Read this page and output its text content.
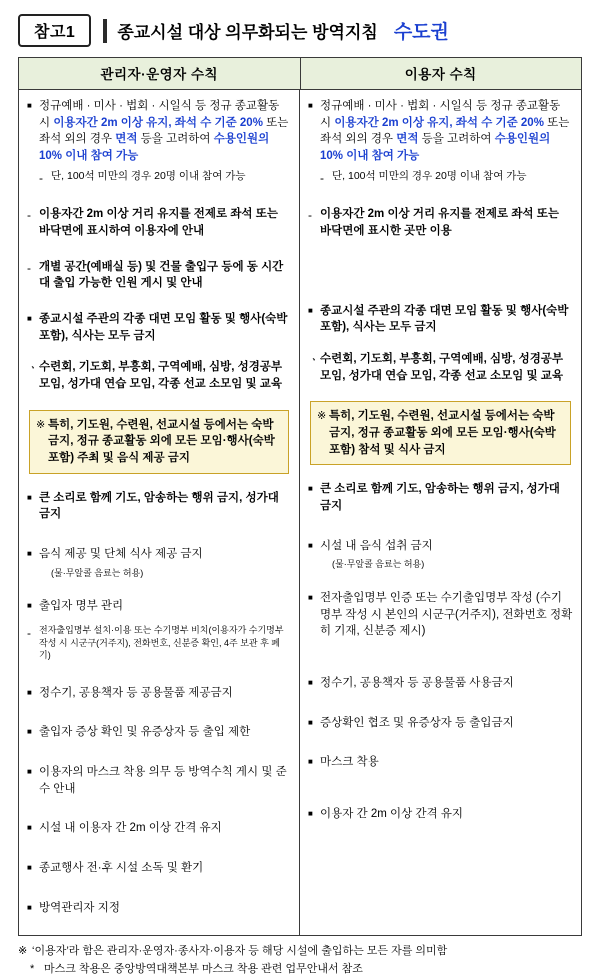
참고1	종교시설 대상 의무화되는 방역지침 수도권
관리자·운영자 수칙	이용자 수칙
■
정규예배 · 미사 · 법회 · 시일식 등 정규 종교활동 시 이용자간 2m 이상 유지, 좌석 수 기준 20% 또는 좌석 외의 경우 면적 등을 고려하여 수용인원의 10% 이내 참여 가능
-
단, 100석 미만의 경우 20명 이내 참여 가능
-
이용자간 2m 이상 거리 유지를 전제로 좌석 또는 바닥면에 표시하여 이용자에 안내
-
개별 공간(예배실 등) 및 건물 출입구 등에 동 시간대 출입 가능한 인원 게시 및 안내
■
종교시설 주관의 각종 대면 모임 활동 및 행사(숙박포함), 식사는 모두 금지
ㆍ
수련회, 기도회, 부흥회, 구역예배, 심방, 성경공부 모임, 성가대 연습 모임, 각종 선교 소모임 및 교육
※
특히, 기도원, 수련원, 선교시설 등에서는 숙박 금지, 정규 종교활동 외에 모든 모임·행사(숙박포함) 주최 및 음식 제공 금지
■
큰 소리로 함께 기도, 암송하는 행위 금지, 성가대 금지
■
음식 제공 및 단체 식사 제공 금지
(물·무알콜 음료는 허용)
■
출입자 명부 관리
-
전자출입명부 설치·이용 또는 수기명부 비치(이용자가 수기명부 작성 시 시군구(거주지), 전화번호, 신분증 확인, 4주 보관 후 폐기)
■
정수기, 공용책자 등 공용물품 제공금지
■
출입자 증상 확인 및 유증상자 등 출입 제한
■
이용자의 마스크 착용 의무 등 방역수칙 게시 및 준수 안내
■
시설 내 이용자 간 2m 이상 간격 유지
■
종교행사 전·후 시설 소독 및 환기
■
방역관리자 지정
■
정규예배 · 미사 · 법회 · 시일식 등 정규 종교활동 시 이용자간 2m 이상 유지, 좌석 수 기준 20% 또는 좌석 외의 경우 면적 등을 고려하여 수용인원의 10% 이내 참여 가능
-
단, 100석 미만의 경우 20명 이내 참여 가능
-
이용자간 2m 이상 거리 유지를 전제로 좌석 또는 바닥면에 표시한 곳만 이용
■
종교시설 주관의 각종 대면 모임 활동 및 행사(숙박포함), 식사는 모두 금지
ㆍ
수련회, 기도회, 부흥회, 구역예배, 심방, 성경공부 모임, 성가대 연습 모임, 각종 선교 소모임 및 교육
※
특히, 기도원, 수련원, 선교시설 등에서는 숙박 금지, 정규 종교활동 외에 모든 모임·행사(숙박포함) 참석 및 식사 금지
■
큰 소리로 함께 기도, 암송하는 행위 금지, 성가대 금지
■
시설 내 음식 섭취 금지
(물·무알콜 음료는 허용)
■
전자출입명부 인증 또는 수기출입명부 작성 (수기명부 작성 시 본인의 시군구(거주지), 전화번호 정확히 기재, 신분증 제시)
■
정수기, 공용책자 등 공용물품 사용금지
■
증상확인 협조 및 유증상자 등 출입금지
■
마스크 착용
■
이용자 간 2m 이상 간격 유지
※ ‘이용자’라 함은 관리자·운영자·종사자·이용자 등 해당 시설에 출입하는 모든 자를 의미함
* 마스크 착용은 중앙방역대책본부 마스크 착용 관련 업무안내서 참조
